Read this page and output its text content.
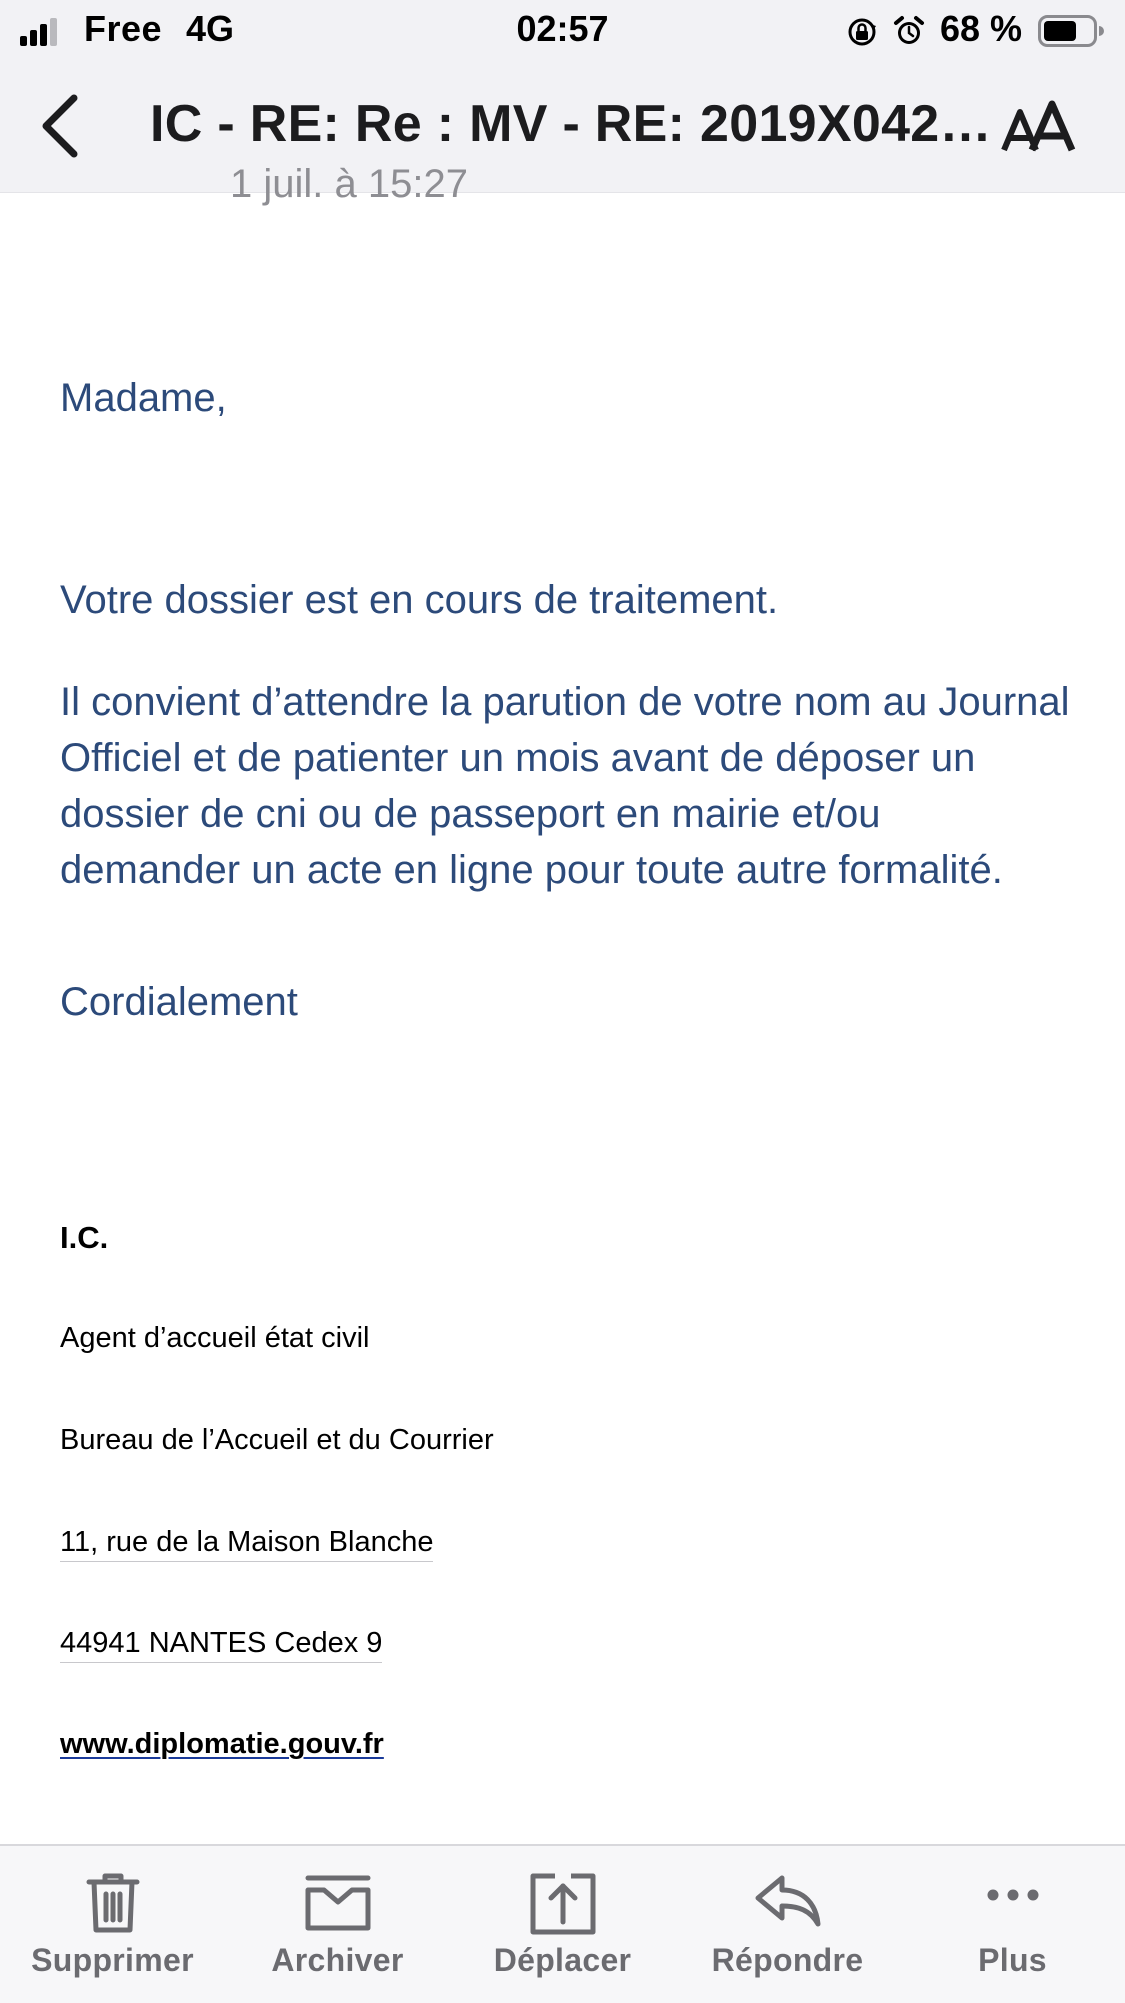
Free 4G	02:57	68 %
IC - RE: Re : MV - RE: 2019X042…
1 juil. à 15:27
Madame,
Votre dossier est en cours de traitement.
Il convient d’attendre la parution de votre nom au Journal Officiel et de patienter un mois avant de déposer un dossier de cni ou de passeport en mairie et/ou demander un acte en ligne pour toute autre formalité.
Cordialement
I.C.
Agent d’accueil état civil
Bureau de l’Accueil et du Courrier
11, rue de la Maison Blanche
44941 NANTES Cedex 9
www.diplomatie.gouv.fr
Supprimer	Archiver	Déplacer	Répondre	Plus
